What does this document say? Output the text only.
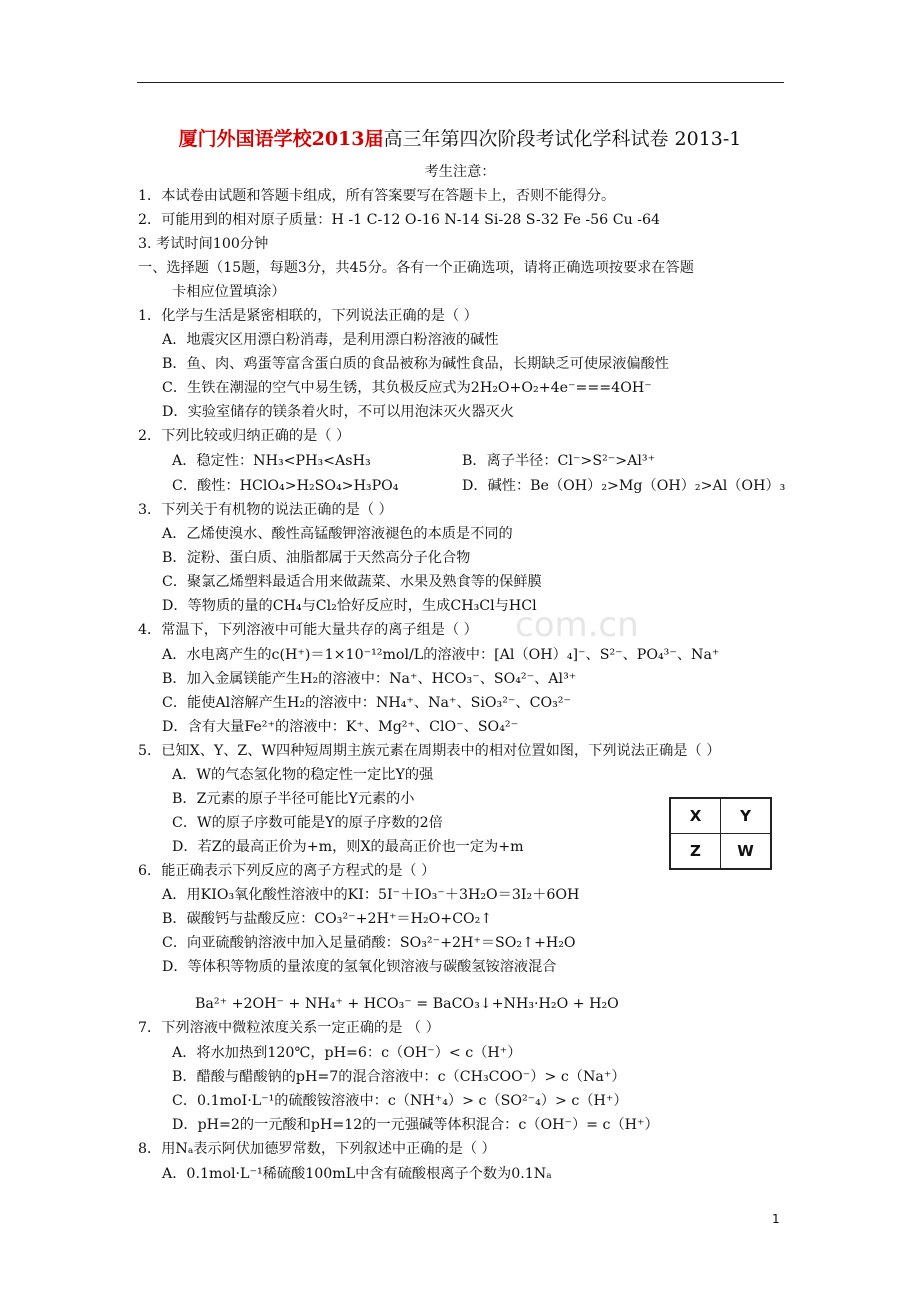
厦门外国语学校2013届高三年第四次阶段考试化学科试卷 2013-1
考生注意：
1．本试卷由试题和答题卡组成，所有答案要写在答题卡上，否则不能得分。
2．可能用到的相对原子质量：H -1 C-12 O-16 N-14 Si-28 S-32 Fe -56 Cu -64
3. 考试时间100分钟
一、选择题（15题，每题3分，共45分。各有一个正确选项，请将正确选项按要求在答题
卡相应位置填涂）
1．化学与生活是紧密相联的，下列说法正确的是（ ）
A．地震灾区用漂白粉消毒，是利用漂白粉溶液的碱性
B．鱼、肉、鸡蛋等富含蛋白质的食品被称为碱性食品，长期缺乏可使尿液偏酸性
C．生铁在潮湿的空气中易生锈，其负极反应式为2H₂O+O₂+4e⁻===4OH⁻
D．实验室储存的镁条着火时，不可以用泡沫灭火器灭火
2．下列比较或归纳正确的是（ ）
A．稳定性：NH₃<PH₃<AsH₃	B．离子半径：Cl⁻>S²⁻>Al³⁺
C．酸性：HClO₄>H₂SO₄>H₃PO₄	D．碱性：Be（OH）₂>Mg（OH）₂>Al（OH）₃
3．下列关于有机物的说法正确的是（ ）
A．乙烯使溴水、酸性高锰酸钾溶液褪色的本质是不同的
B．淀粉、蛋白质、油脂都属于天然高分子化合物
C．聚氯乙烯塑料最适合用来做蔬菜、水果及熟食等的保鲜膜
D．等物质的量的CH₄与Cl₂恰好反应时，生成CH₃Cl与HCl
com.cn
4．常温下，下列溶液中可能大量共存的离子组是（ ）
A．水电离产生的c(H⁺)＝1×10⁻¹²mol/L的溶液中：[Al（OH）₄]⁻、S²⁻、PO₄³⁻、Na⁺
B．加入金属镁能产生H₂的溶液中：Na⁺、HCO₃⁻、SO₄²⁻、Al³⁺
C．能使Al溶解产生H₂的溶液中：NH₄⁺、Na⁺、SiO₃²⁻、CO₃²⁻
D．含有大量Fe²⁺的溶液中：K⁺、Mg²⁺、ClO⁻、SO₄²⁻
5．已知X、Y、Z、W四种短周期主族元素在周期表中的相对位置如图，下列说法正确是（ ）
A．W的气态氢化物的稳定性一定比Y的强
B．Z元素的原子半径可能比Y元素的小
C．W的原子序数可能是Y的原子序数的2倍
D．若Z的最高正价为+m，则X的最高正价也一定为+m
X	Y
Z	W
6．能正确表示下列反应的离子方程式的是（ ）
A．用KIO₃氧化酸性溶液中的KI：5I⁻＋IO₃⁻＋3H₂O＝3I₂＋6OH
B．碳酸钙与盐酸反应：CO₃²⁻+2H⁺＝H₂O+CO₂↑
C．向亚硫酸钠溶液中加入足量硝酸：SO₃²⁻+2H⁺＝SO₂↑+H₂O
D．等体积等物质的量浓度的氢氧化钡溶液与碳酸氢铵溶液混合
Ba²⁺ +2OH⁻ + NH₄⁺ + HCO₃⁻ = BaCO₃↓+NH₃·H₂O + H₂O
7．下列溶液中微粒浓度关系一定正确的是 （ ）
A．将水加热到120℃，pH=6：c（OH⁻）< c（H⁺）
B．醋酸与醋酸钠的pH=7的混合溶液中：c（CH₃COO⁻）> c（Na⁺）
C．0.1moI·L⁻¹的硫酸铵溶液中：c（NH⁺₄）> c（SO²⁻₄）> c（H⁺）
D．pH=2的一元酸和pH=12的一元强碱等体积混合：c（OH⁻）= c（H⁺）
8．用Nₐ表示阿伏加德罗常数，下列叙述中正确的是（ ）
A．0.1mol·L⁻¹稀硫酸100mL中含有硫酸根离子个数为0.1Nₐ
1
